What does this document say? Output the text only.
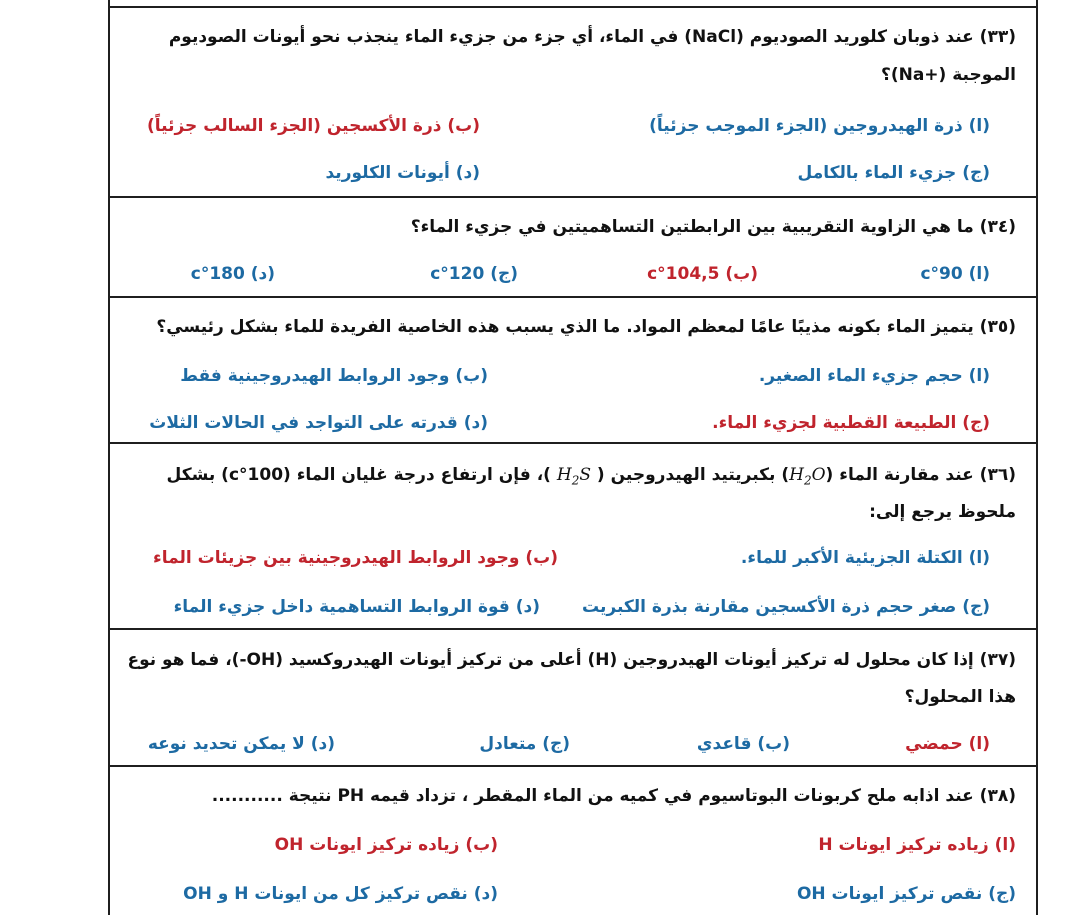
(٣٣) عند ذوبان كلوريد الصوديوم (NaCl) في الماء، أي جزء من جزيء الماء ينجذب نحو أيونات الصوديوم
الموجبة (+Na)؟
(ا) ذرة الهيدروجين (الجزء الموجب جزئياً)
(ب) ذرة الأكسجين (الجزء السالب جزئياً)
(ج) جزيء الماء بالكامل
(د) أيونات الكلوريد
(٣٤) ما هي الزاوية التقريبية بين الرابطتين التساهميتين في جزيء الماء؟
(ا) 90°c
(ب) 104,5°c
(ج) 120°c
(د) 180°c
(٣٥) يتميز الماء بكونه مذيبًا عامًا لمعظم المواد. ما الذي يسبب هذه الخاصية الفريدة للماء بشكل رئيسي؟
(ا) حجم جزيء الماء الصغير.
(ب) وجود الروابط الهيدروجينية فقط
(ج) الطبيعة القطبية لجزيء الماء.
(د) قدرته على التواجد في الحالات الثلاث
(٣٦) عند مقارنة الماء $(H_2O)$ بكبريتيد الهيدروجين ( $H_2S$ )، فإن ارتفاع درجة غليان الماء (100°c) بشكل
ملحوظ يرجع إلى:
(ا) الكتلة الجزيئية الأكبر للماء.
(ب) وجود الروابط الهيدروجينية بين جزيئات الماء
(ج) صغر حجم ذرة الأكسجين مقارنة بذرة الكبريت
(د) قوة الروابط التساهمية داخل جزيء الماء
(٣٧) إذا كان محلول له تركيز أيونات الهيدروجين (H) أعلى من تركيز أيونات الهيدروكسيد (OH-)، فما هو نوع
هذا المحلول؟
(ا) حمضي
(ب) قاعدي
(ج) متعادل
(د) لا يمكن تحديد نوعه
(٣٨) عند اذابه ملح كربونات البوتاسيوم في كميه من الماء المقطر ، تزداد قيمه PH نتيجة ...........
(ا) زياده تركيز ايونات H
(ب) زياده تركيز ايونات OH
(ج) نقص تركيز ايونات OH
(د) نقص تركيز كل من ايونات H و OH
